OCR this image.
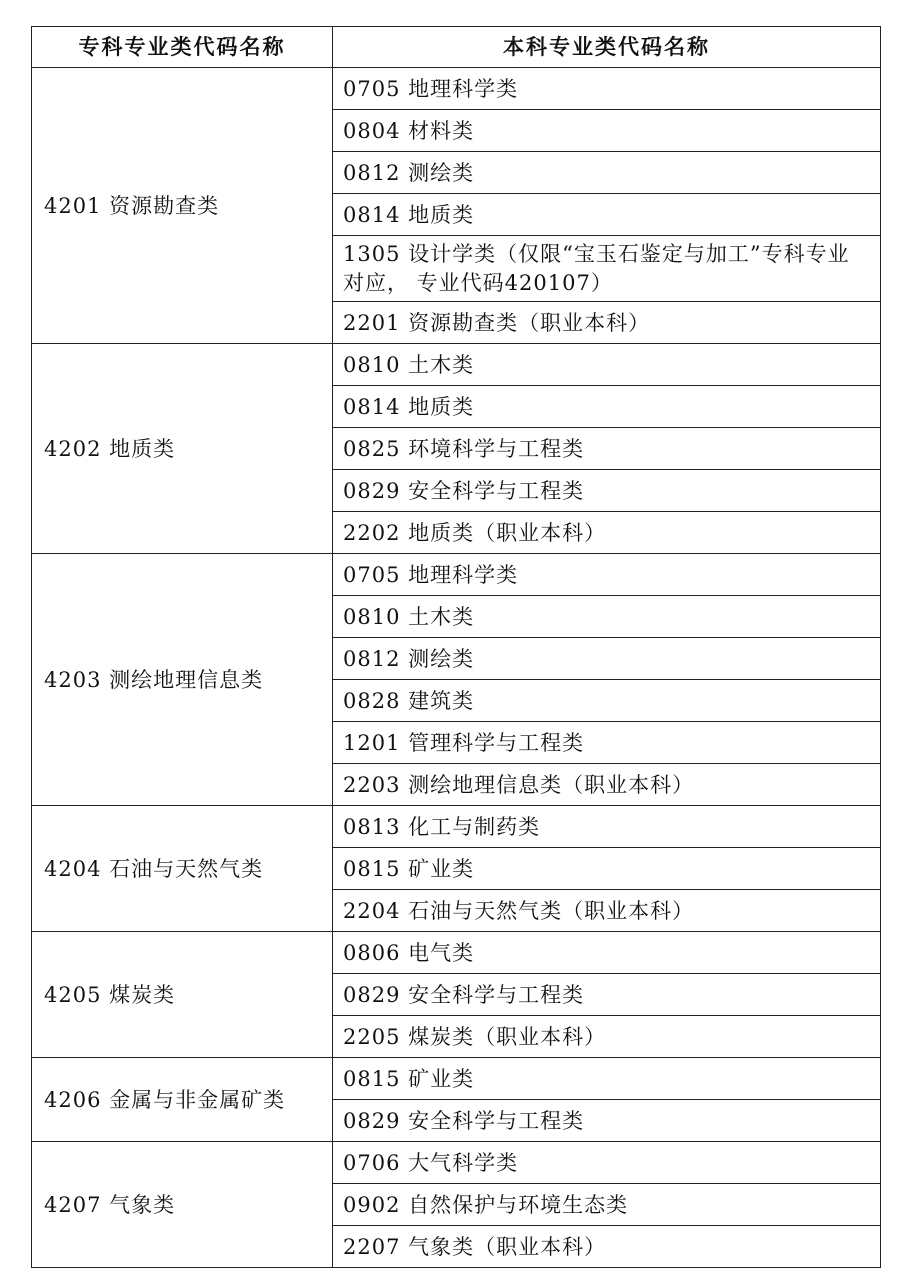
专科专业类代码名称	本科专业类代码名称
4201 资源勘查类	0705 地理科学类
	0804 材料类
	0812 测绘类
	0814 地质类
	1305 设计学类（仅限“宝玉石鉴定与加工”专科专业对应， 专业代码420107）
	2201 资源勘查类（职业本科）
4202 地质类	0810 土木类
	0814 地质类
	0825 环境科学与工程类
	0829 安全科学与工程类
	2202 地质类（职业本科）
4203 测绘地理信息类	0705 地理科学类
	0810 土木类
	0812 测绘类
	0828 建筑类
	1201 管理科学与工程类
	2203 测绘地理信息类（职业本科）
4204 石油与天然气类	0813 化工与制药类
	0815 矿业类
	2204 石油与天然气类（职业本科）
4205 煤炭类	0806 电气类
	0829 安全科学与工程类
	2205 煤炭类（职业本科）
4206 金属与非金属矿类	0815 矿业类
	0829 安全科学与工程类
4207 气象类	0706 大气科学类
	0902 自然保护与环境生态类
	2207 气象类（职业本科）
